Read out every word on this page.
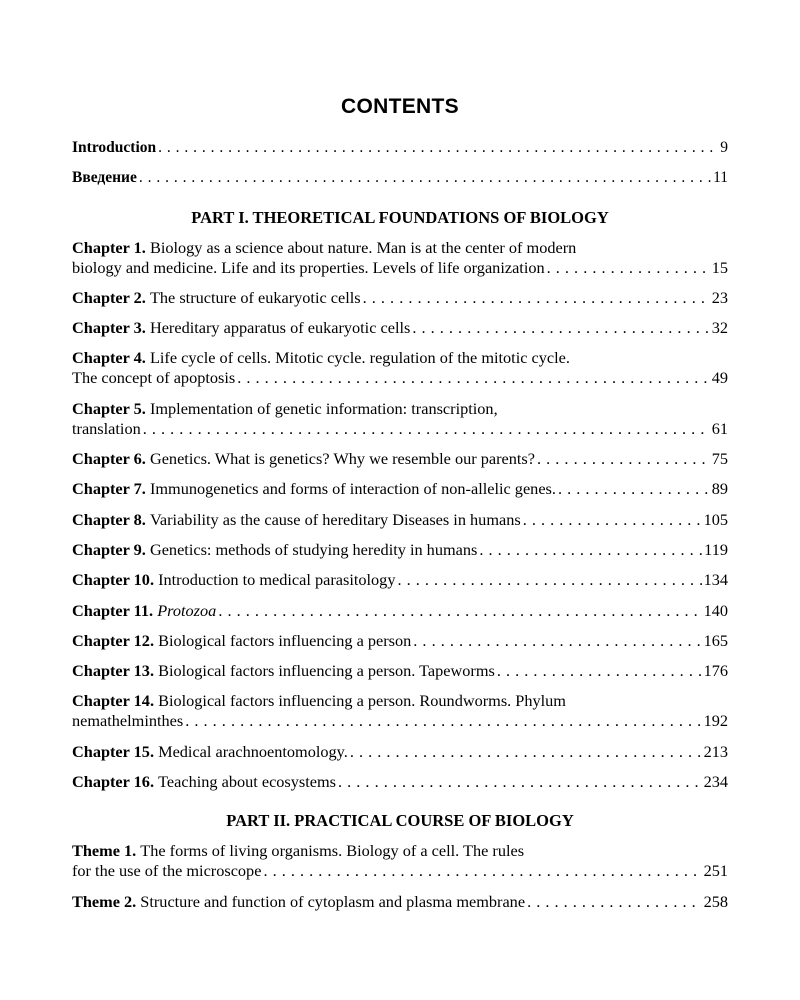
CONTENTS
Introduction . . .	9
Введение . . .	11
PART I. THEORETICAL FOUNDATIONS OF BIOLOGY
Chapter 1.
Biology as a science about nature. Man is at the center of modern
biology and medicine. Life and its properties. Levels of life organization . . .	15
Chapter 2.
The structure of eukaryotic cells . . .	23
Chapter 3.
Hereditary apparatus of eukaryotic cells . . .	32
Chapter 4.
Life cycle of cells. Mitotic cycle. regulation of the mitotic cycle.
The concept of apoptosis . . .	49
Chapter 5.
Implementation of genetic information: transcription,
translation . . .	61
Chapter 6.
Genetics. What is genetics? Why we resemble our parents? . . .	75
Chapter 7.
Immunogenetics and forms of interaction of non-allelic genes. . . .	89
Chapter 8.
Variability as the cause of hereditary Diseases in humans . . .	105
Chapter 9.
Genetics: methods of studying heredity in humans . . .	119
Chapter 10.
Introduction to medical parasitology . . .	134
Chapter 11.
Protozoa . . .	140
Chapter 12.
Biological factors influencing a person . . .	165
Chapter 13.
Biological factors influencing a person. Tapeworms . . .	176
Chapter 14.
Biological factors influencing a person. Roundworms. Phylum
nemathelminthes . . .	192
Chapter 15.
Medical arachnoentomology. . . .	213
Chapter 16.
Teaching about ecosystems . . .	234
PART II. PRACTICAL COURSE OF BIOLOGY
Theme 1.
The forms of living organisms. Biology of a cell. The rules
for the use of the microscope . . .	251
Theme 2.
Structure and function of cytoplasm and plasma membrane . . .	258
